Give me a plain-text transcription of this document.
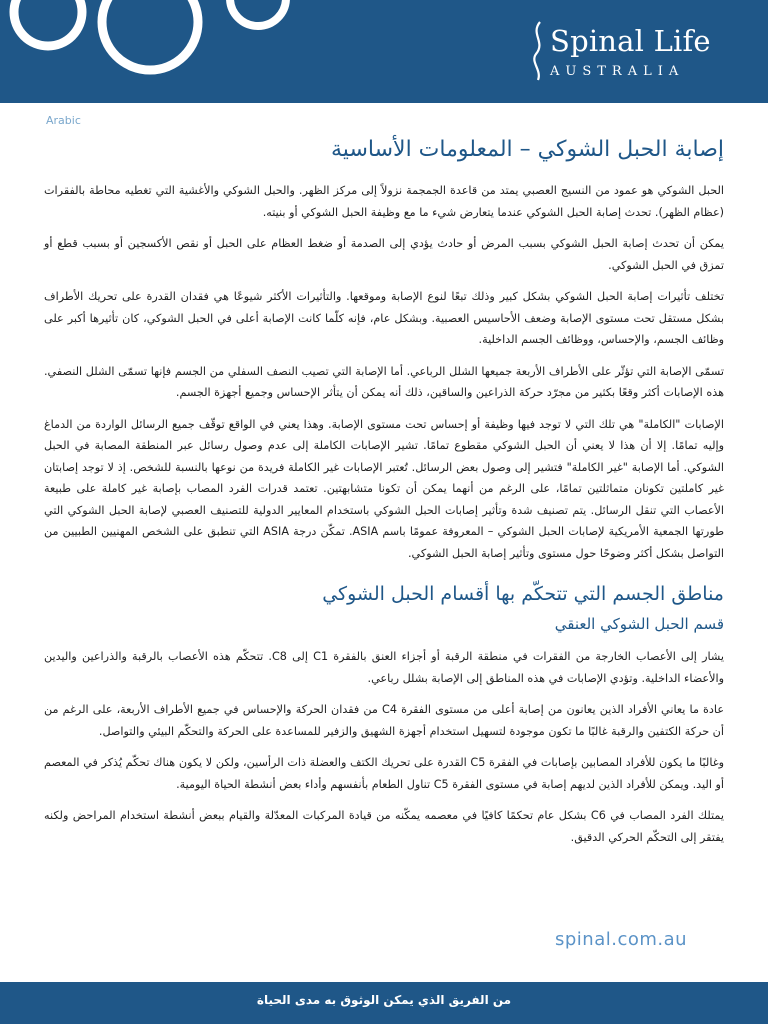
Spinal Life
AUSTRALIA
Arabic
إصابة الحبل الشوكي – المعلومات الأساسية

الحبل الشوكي هو عمود من النسيج العصبي يمتد من قاعدة الجمجمة نزولاً إلى مركز الظهر. والحبل الشوكي والأغشية التي تغطيه محاطة بالفقرات (عظام الظهر). تحدث إصابة الحبل الشوكي عندما يتعارض شيء ما مع وظيفة الحبل الشوكي أو بنيته.

يمكن أن تحدث إصابة الحبل الشوكي بسبب المرض أو حادث يؤدي إلى الصدمة أو ضغط العظام على الحبل أو نقص الأكسجين أو بسبب قطع أو تمزق في الحبل الشوكي.

تختلف تأثيرات إصابة الحبل الشوكي بشكل كبير وذلك تبعًا لنوع الإصابة وموقعها. والتأثيرات الأكثر شيوعًا هي فقدان القدرة على تحريك الأطراف بشكل مستقل تحت مستوى الإصابة وضعف الأحاسيس العصبية. وبشكل عام، فإنه كلّما كانت الإصابة أعلى في الحبل الشوكي، كان تأثيرها أكبر على وظائف الجسم، والإحساس، ووظائف الجسم الداخلية.

تسمّى الإصابة التي تؤثّر على الأطراف الأربعة جميعها الشلل الرباعي. أما الإصابة التي تصيب النصف السفلي من الجسم فإنها تسمّى الشلل النصفي. هذه الإصابات أكثر وقعًا بكثير من مجرّد حركة الذراعين والساقين، ذلك أنه يمكن أن يتأثر الإحساس وجميع أجهزة الجسم.

الإصابات "الكاملة" هي تلك التي لا توجد فيها وظيفة أو إحساس تحت مستوى الإصابة. وهذا يعني في الواقع توقّف جميع الرسائل الواردة من الدماغ وإليه تمامًا. إلا أن هذا لا يعني أن الحبل الشوكي مقطوع تمامًا. تشير الإصابات الكاملة إلى عدم وصول رسائل عبر المنطقة المصابة في الحبل الشوكي. أما الإصابة "غير الكاملة" فتشير إلى وصول بعض الرسائل. تُعتبر الإصابات غير الكاملة فريدة من نوعها بالنسبة للشخص. إذ لا توجد إصابتان غير كاملتين تكونان متماثلتين تمامًا، على الرغم من أنهما يمكن أن تكونا متشابهتين. تعتمد قدرات الفرد المصاب بإصابة غير كاملة على طبيعة الأعصاب التي تنقل الرسائل. يتم تصنيف شدة وتأثير إصابات الحبل الشوكي باستخدام المعايير الدولية للتصنيف العصبي لإصابة الحبل الشوكي التي طورتها الجمعية الأمريكية لإصابات الحبل الشوكي – المعروفة عمومًا باسم ASIA. تمكّن درجة ASIA التي تنطبق على الشخص المهنيين الطبيين من التواصل بشكل أكثر وضوحًا حول مستوى وتأثير إصابة الحبل الشوكي.

مناطق الجسم التي تتحكّم بها أقسام الحبل الشوكي
قسم الحبل الشوكي العنقي

يشار إلى الأعصاب الخارجة من الفقرات في منطقة الرقبة أو أجزاء العنق بالفقرة C1 إلى C8. تتحكّم هذه الأعصاب بالرقبة والذراعين واليدين والأعضاء الداخلية. وتؤدي الإصابات في هذه المناطق إلى الإصابة بشلل رباعي.

عادة ما يعاني الأفراد الذين يعانون من إصابة أعلى من مستوى الفقرة C4 من فقدان الحركة والإحساس في جميع الأطراف الأربعة، على الرغم من أن حركة الكتفين والرقبة غالبًا ما تكون موجودة لتسهيل استخدام أجهزة الشهيق والزفير للمساعدة على الحركة والتحكّم البيئي والتواصل.

وغالبًا ما يكون للأفراد المصابين بإصابات في الفقرة C5 القدرة على تحريك الكتف والعضلة ذات الرأسين، ولكن لا يكون هناك تحكّم يُذكر في المعصم أو اليد. ويمكن للأفراد الذين لديهم إصابة في مستوى الفقرة C5 تناول الطعام بأنفسهم وأداء بعض أنشطة الحياة اليومية.

يمتلك الفرد المصاب في C6 بشكل عام تحكمًا كافيًا في معصمه يمكّنه من قيادة المركبات المعدّلة والقيام ببعض أنشطة استخدام المراحض ولكنه يفتقر إلى التحكّم الحركي الدقيق.

spinal.com.au
من الفريق الذي يمكن الوثوق به مدى الحياة
